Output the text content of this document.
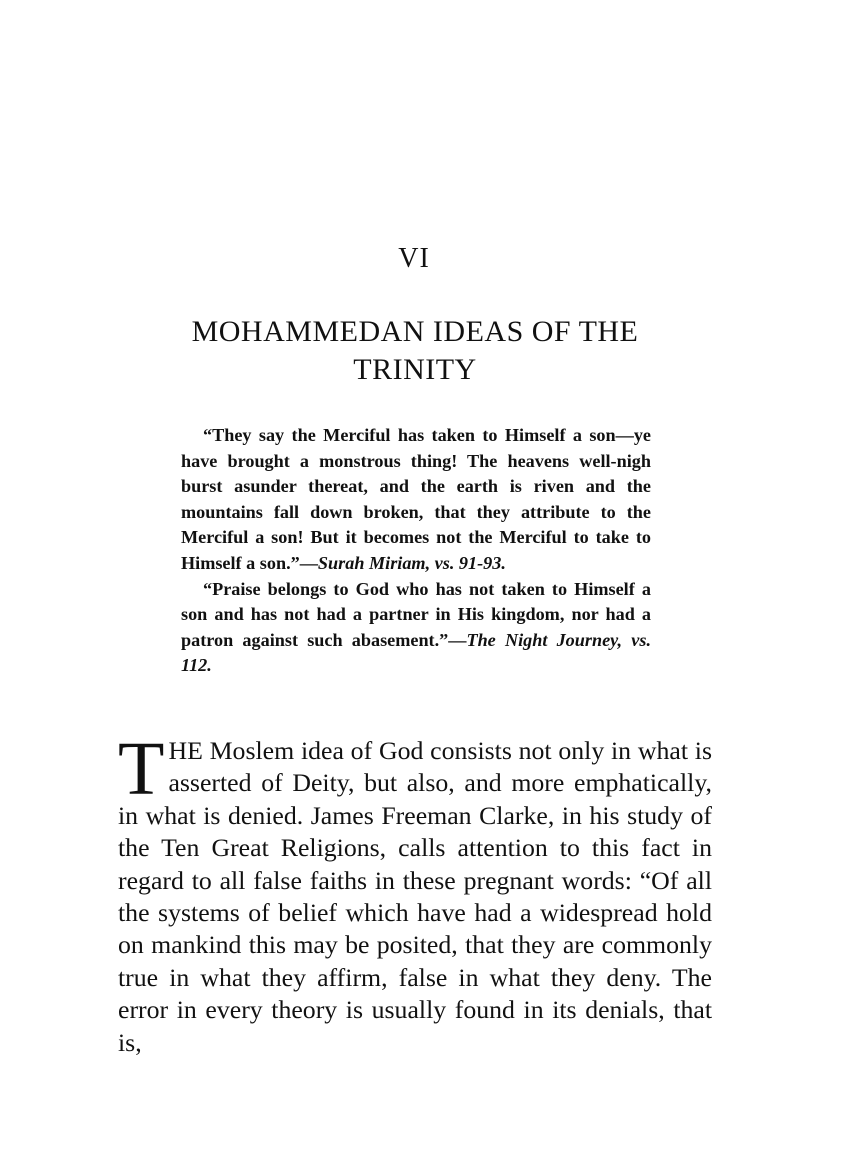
VI
MOHAMMEDAN IDEAS OF THE TRINITY

“They say the Merciful has taken to Himself a son—ye have brought a monstrous thing! The heavens well-nigh burst asunder thereat, and the earth is riven and the mountains fall down broken, that they attribute to the Merciful a son! But it becomes not the Merciful to take to Himself a son.”—Surah Miriam, vs. 91-93.

“Praise belongs to God who has not taken to Himself a son and has not had a partner in His kingdom, nor had a patron against such abasement.”—The Night Journey, vs. 112.

THE Moslem idea of God consists not only in what is asserted of Deity, but also, and more emphatically, in what is denied. James Freeman Clarke, in his study of the Ten Great Religions, calls attention to this fact in regard to all false faiths in these pregnant words: “Of all the systems of belief which have had a widespread hold on mankind this may be posited, that they are commonly true in what they affirm, false in what they deny. The error in every theory is usually found in its denials, that is,
